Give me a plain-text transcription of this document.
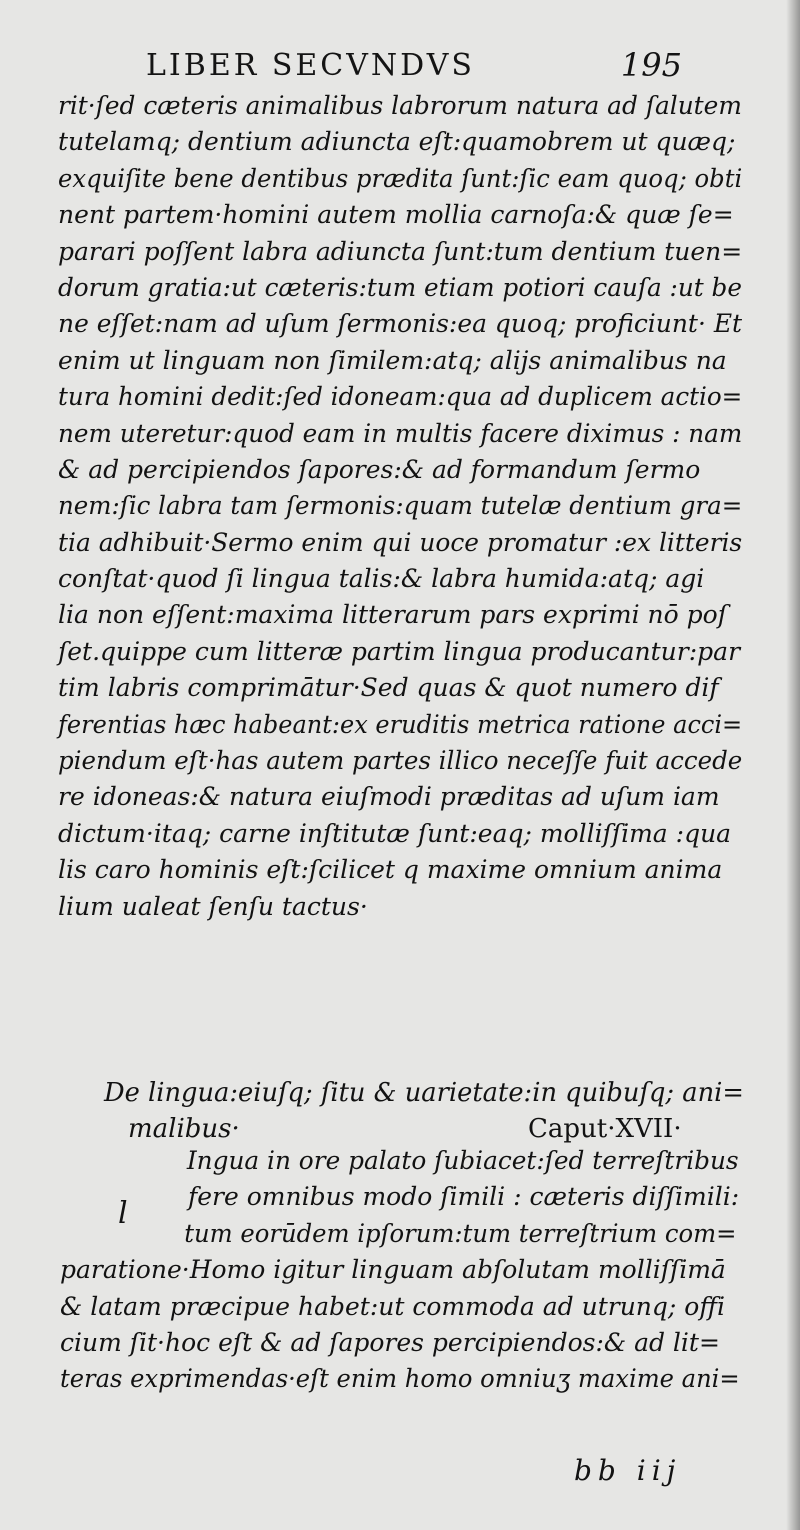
LIBER SECVNDVS	195
rit·ſed cæteris animalibus labrorum natura ad ſalutem
tutelamq; dentium adiuncta eſt:quamobrem ut quæq;
exquiſite bene dentibus prædita ſunt:ſic eam quoq; obti
nent partem·homini autem mollia carnoſa:& quæ ſe=
parari poſſent labra adiuncta ſunt:tum dentium tuen=
dorum gratia:ut cæteris:tum etiam potiori cauſa :ut be
ne eſſet:nam ad uſum ſermonis:ea quoq; proficiunt· Et
enim ut linguam non ſimilem:atq; alijs animalibus na
tura homini dedit:ſed idoneam:qua ad duplicem actio=
nem uteretur:quod eam in multis facere diximus : nam
& ad percipiendos ſapores:& ad formandum ſermo
nem:ſic labra tam ſermonis:quam tutelæ dentium gra=
tia adhibuit·Sermo enim qui uoce promatur :ex litteris
conſtat·quod ſi lingua talis:& labra humida:atq; agi
lia non eſſent:maxima litterarum pars exprimi nō poſ
ſet.quippe cum litteræ partim lingua producantur:par
tim labris comprimātur·Sed quas & quot numero dif
ferentias hæc habeant:ex eruditis metrica ratione acci=
piendum eſt·has autem partes illico neceſſe fuit accede
re idoneas:& natura eiuſmodi præditas ad uſum iam
dictum·itaq; carne inſtitutæ ſunt:eaq; molliſſima :qua
lis caro hominis eſt:ſcilicet q maxime omnium anima
lium ualeat ſenſu tactus·
De lingua:eiuſq; ſitu & uarietate:in quibuſq; ani=
malibus·	Caput·XVII·
l
Ingua in ore palato ſubiacet:ſed terreſtribus
fere omnibus modo ſimili : cæteris diſſimili:
tum eorūdem ipſorum:tum terreſtrium com=
paratione·Homo igitur linguam abſolutam molliſſimā
& latam præcipue habet:ut commoda ad utrunq; offi
cium ſit·hoc eſt & ad ſapores percipiendos:& ad lit=
teras exprimendas·eſt enim homo omniuʒ maxime ani=
bb iij
